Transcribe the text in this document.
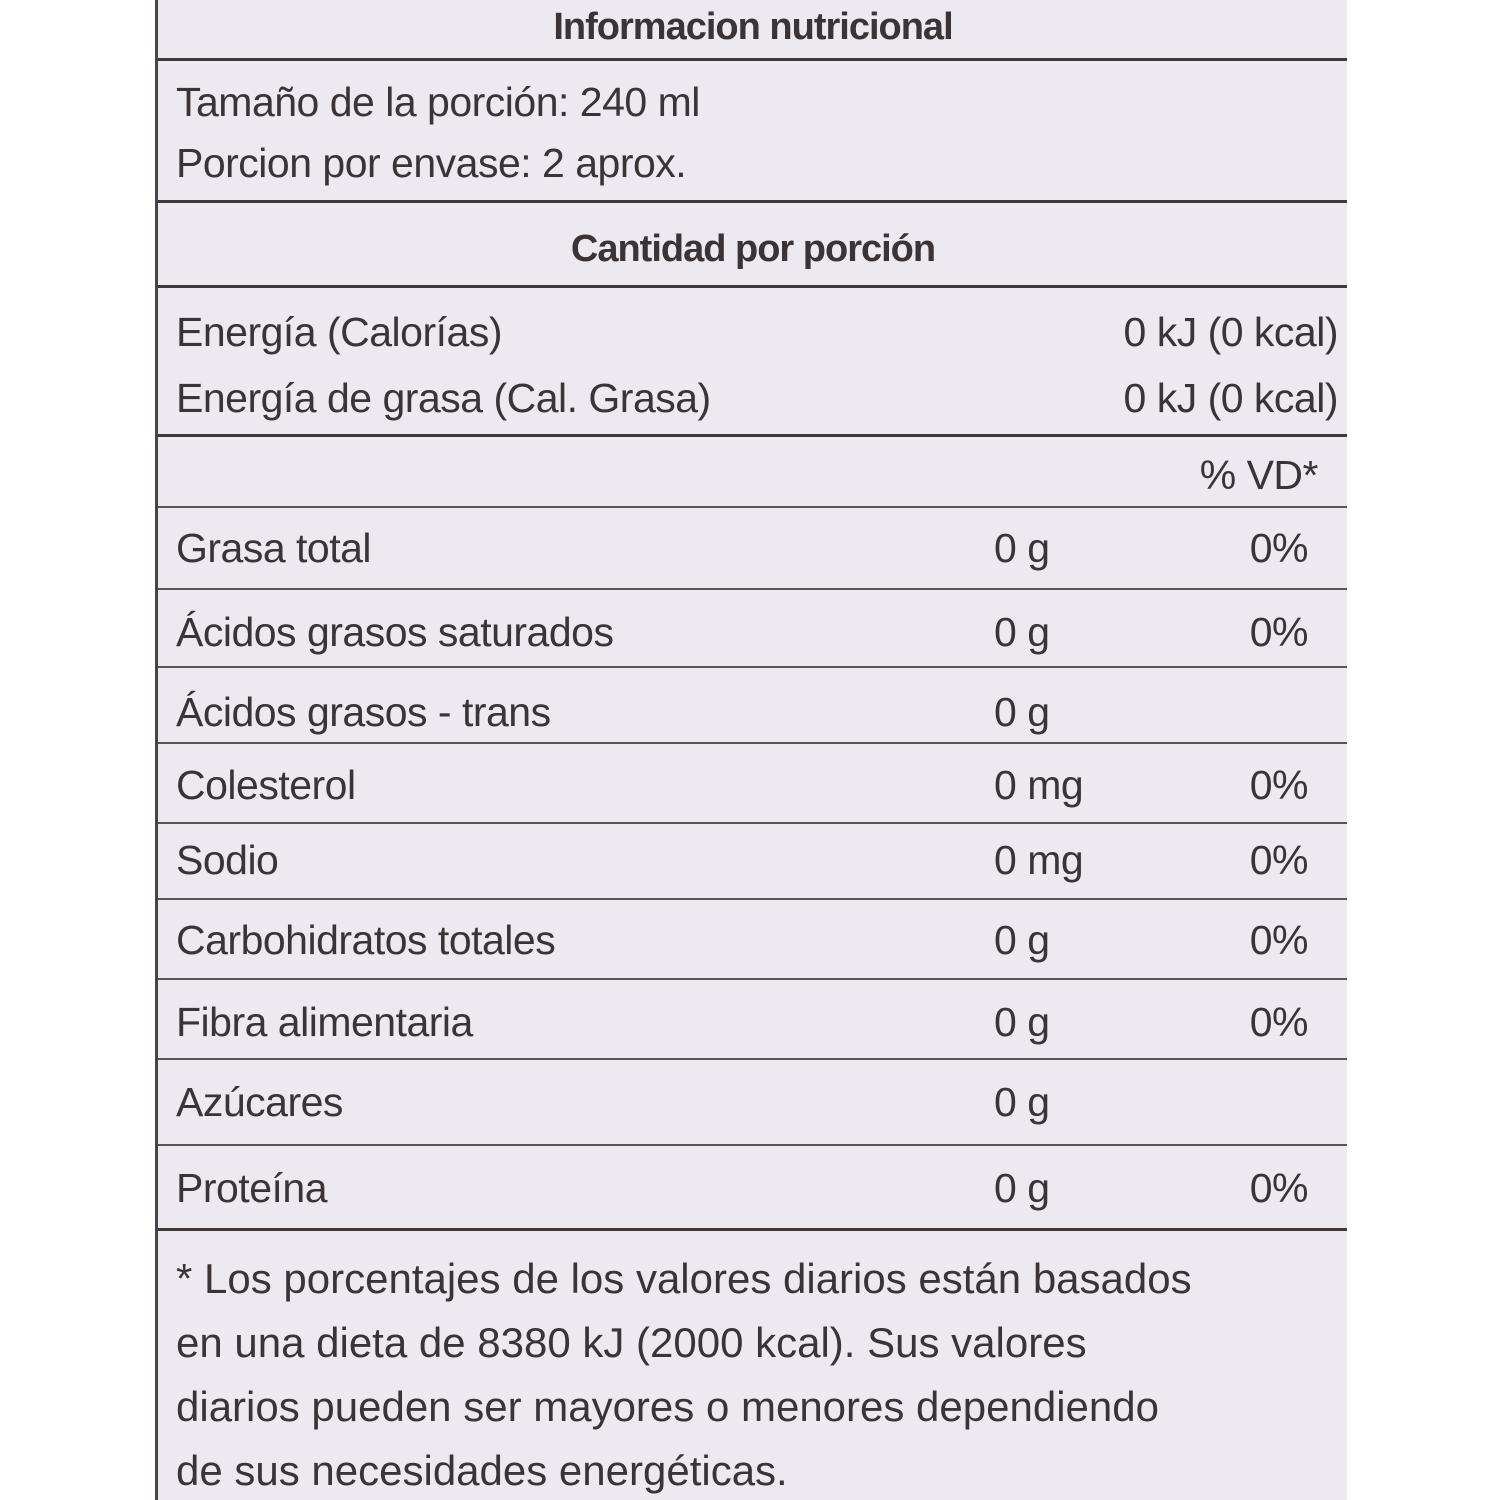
Informacion nutricional
Tamaño de la porción: 240 ml
Porcion por envase: 2 aprox.
Cantidad por porción
Energía (Calorías)	0 kJ (0 kcal)
Energía de grasa (Cal. Grasa)	0 kJ (0 kcal)
% VD*
Grasa total	0 g	0%
Ácidos grasos saturados	0 g	0%
Ácidos grasos - trans	0 g
Colesterol	0 mg	0%
Sodio	0 mg	0%
Carbohidratos totales	0 g	0%
Fibra alimentaria	0 g	0%
Azúcares	0 g
Proteína	0 g	0%
* Los porcentajes de los valores diarios están basados
en una dieta de 8380 kJ (2000 kcal). Sus valores
diarios pueden ser mayores o menores dependiendo
de sus necesidades energéticas.
